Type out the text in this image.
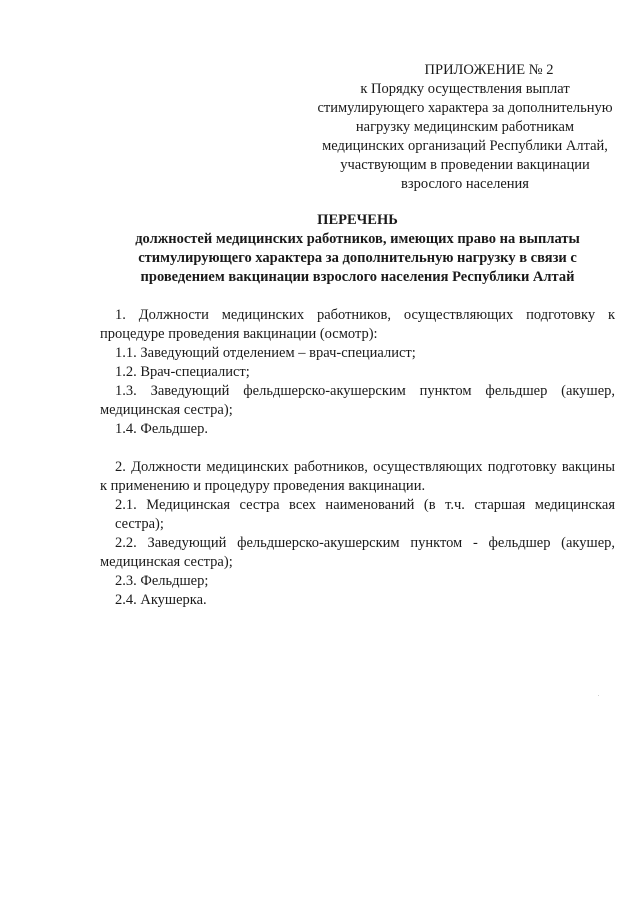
ПРИЛОЖЕНИЕ № 2
к Порядку осуществления выплат
стимулирующего характера за дополнительную
нагрузку медицинским работникам
медицинских организаций Республики Алтай,
участвующим в проведении вакцинации
взрослого населения
ПЕРЕЧЕНЬ
должностей медицинских работников, имеющих право на выплаты
стимулирующего характера за дополнительную нагрузку в связи с
проведением вакцинации взрослого населения Республики Алтай

1. Должности медицинских работников, осуществляющих подготовку к процедуре проведения вакцинации (осмотр):

1.1. Заведующий отделением – врач-специалист;

1.2. Врач-специалист;

1.3. Заведующий фельдшерско-акушерским пунктом фельдшер (акушер, медицинская сестра);

1.4. Фельдшер.

2. Должности медицинских работников, осуществляющих подготовку вакцины к применению и процедуру проведения вакцинации.

2.1. Медицинская сестра всех наименований (в т.ч. старшая медицинская сестра);

2.2. Заведующий фельдшерско-акушерским пунктом - фельдшер (акушер, медицинская сестра);

2.3. Фельдшер;

2.4. Акушерка.
